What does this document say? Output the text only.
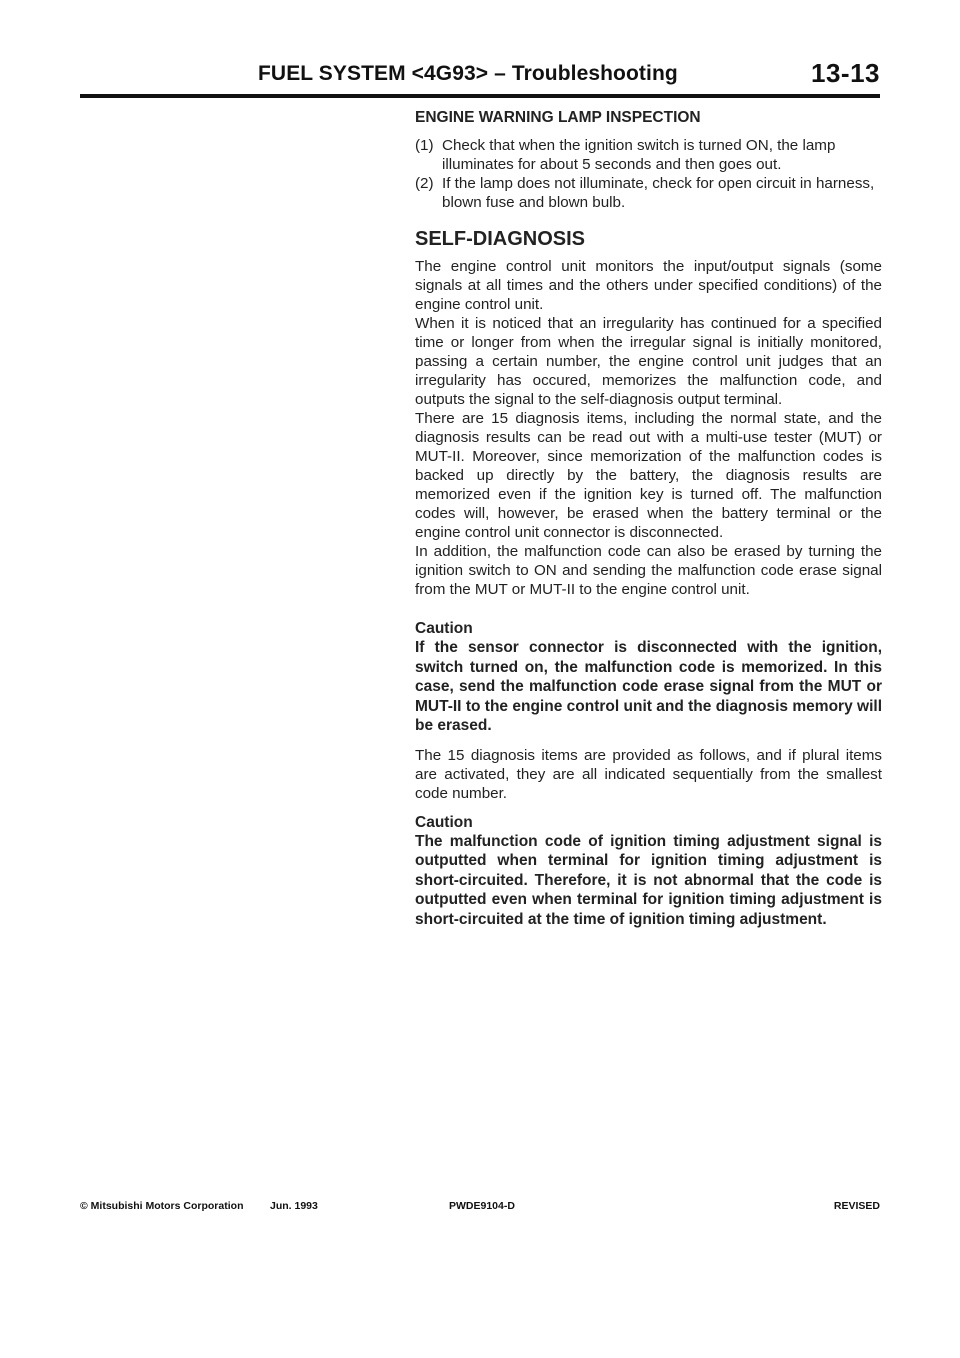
FUEL SYSTEM <4G93> – Troubleshooting	13-13
ENGINE WARNING LAMP INSPECTION
(1) Check that when the ignition switch is turned ON, the lamp illuminates for about 5 seconds and then goes out.
(2) If the lamp does not illuminate, check for open circuit in harness, blown fuse and blown bulb.
SELF-DIAGNOSIS

The engine control unit monitors the input/output signals (some signals at all times and the others under specified conditions) of the engine control unit.

When it is noticed that an irregularity has continued for a specified time or longer from when the irregular signal is initially monitored, passing a certain number, the engine control unit judges that an irregularity has occured, memorizes the malfunction code, and outputs the signal to the self-diagnosis output terminal.

There are 15 diagnosis items, including the normal state, and the diagnosis results can be read out with a multi-use tester (MUT) or MUT-II. Moreover, since memorization of the malfunction codes is backed up directly by the battery, the diagnosis results are memorized even if the ignition key is turned off. The malfunction codes will, however, be erased when the battery terminal or the engine control unit connector is disconnected.

In addition, the malfunction code can also be erased by turning the ignition switch to ON and sending the malfunction code erase signal from the MUT or MUT-II to the engine control unit.

Caution
If the sensor connector is disconnected with the ignition, switch turned on, the malfunction code is memorized. In this case, send the malfunction code erase signal from the MUT or MUT-II to the engine control unit and the diagnosis memory will be erased.

The 15 diagnosis items are provided as follows, and if plural items are activated, they are all indicated sequentially from the smallest code number.

Caution
The malfunction code of ignition timing adjustment signal is outputted when terminal for ignition timing adjustment is short-circuited. Therefore, it is not abnormal that the code is outputted even when terminal for ignition timing adjustment is short-circuited at the time of ignition timing adjustment.
© Mitsubishi Motors Corporation	Jun. 1993	PWDE9104-D	REVISED
